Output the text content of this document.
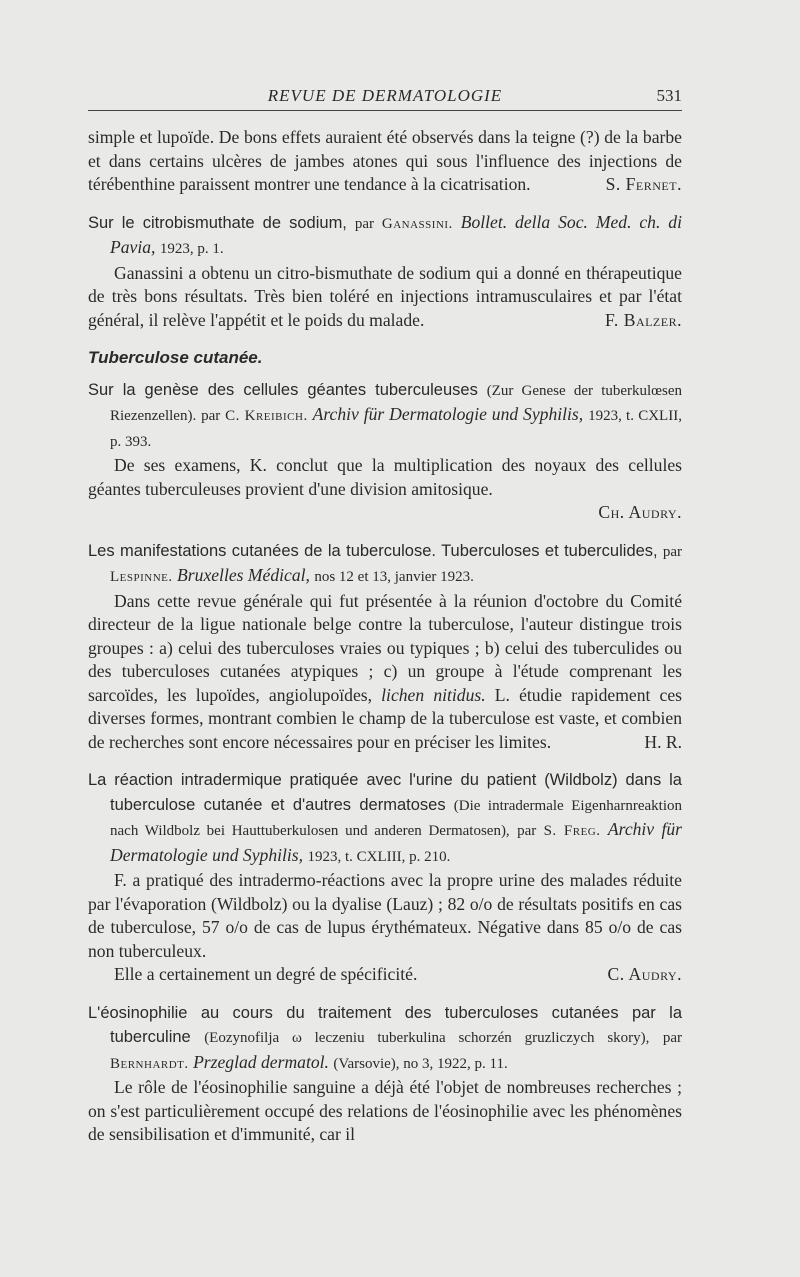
REVUE DE DERMATOLOGIE	531

simple et lupoïde. De bons effets auraient été observés dans la teigne (?) de la barbe et dans certains ulcères de jambes atones qui sous l'influence des injections de térébenthine paraissent montrer une tendance à la cicatrisation.	S. Fernet.

Sur le citrobismuthate de sodium, par Ganassini. Bollet. della Soc. Med. ch. di Pavia, 1923, p. 1.

Ganassini a obtenu un citro-bismuthate de sodium qui a donné en thérapeutique de très bons résultats. Très bien toléré en injections intramusculaires et par l'état général, il relève l'appétit et le poids du malade.	F. Balzer.

Tuberculose cutanée.

Sur la genèse des cellules géantes tuberculeuses (Zur Genese der tuberkulœsen Riezenzellen). par C. Kreibich. Archiv für Dermatologie und Syphilis, 1923, t. CXLII, p. 393.

De ses examens, K. conclut que la multiplication des noyaux des cellules géantes tuberculeuses provient d'une division amitosique.

Ch. Audry.

Les manifestations cutanées de la tuberculose. Tuberculoses et tuberculides, par Lespinne. Bruxelles Médical, nos 12 et 13, janvier 1923.

Dans cette revue générale qui fut présentée à la réunion d'octobre du Comité directeur de la ligue nationale belge contre la tuberculose, l'auteur distingue trois groupes : a) celui des tuberculoses vraies ou typiques ; b) celui des tuberculides ou des tuberculoses cutanées atypiques ; c) un groupe à l'étude comprenant les sarcoïdes, les lupoïdes, angiolupoïdes, lichen nitidus. L. étudie rapidement ces diverses formes, montrant combien le champ de la tuberculose est vaste, et combien de recherches sont encore nécessaires pour en préciser les limites.	H. R.

La réaction intradermique pratiquée avec l'urine du patient (Wildbolz) dans la tuberculose cutanée et d'autres dermatoses (Die intradermale Eigenharnreaktion nach Wildbolz bei Hauttuberkulosen und anderen Dermatosen), par S. Freg. Archiv für Dermatologie und Syphilis, 1923, t. CXLIII, p. 210.

F. a pratiqué des intradermo-réactions avec la propre urine des malades réduite par l'évaporation (Wildbolz) ou la dyalise (Lauz) ; 82 o/o de résultats positifs en cas de tuberculose, 57 o/o de cas de lupus érythémateux. Négative dans 85 o/o de cas non tuberculeux.

Elle a certainement un degré de spécificité.	C. Audry.

L'éosinophilie au cours du traitement des tuberculoses cutanées par la tuberculine (Eozynofilja ω leczeniu tuberkulina schorzén gruzliczych skory), par Bernhardt. Przeglad dermatol. (Varsovie), no 3, 1922, p. 11.

Le rôle de l'éosinophilie sanguine a déjà été l'objet de nombreuses recherches ; on s'est particulièrement occupé des relations de l'éosinophilie avec les phénomènes de sensibilisation et d'immunité, car il
